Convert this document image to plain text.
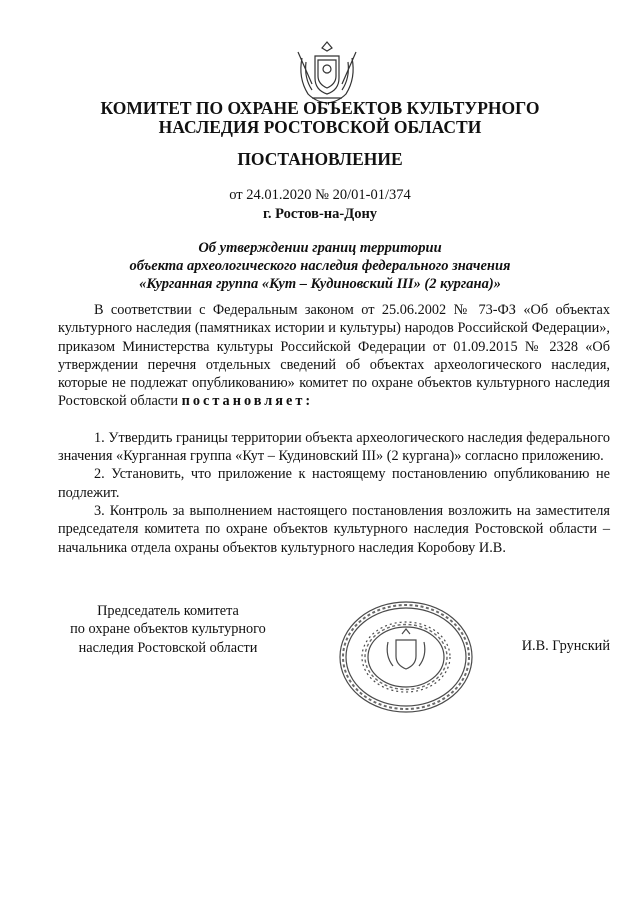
КОМИТЕТ ПО ОХРАНЕ ОБЪЕКТОВ КУЛЬТУРНОГО
НАСЛЕДИЯ РОСТОВСКОЙ ОБЛАСТИ
ПОСТАНОВЛЕНИЕ
от 24.01.2020 № 20/01-01/374
г. Ростов-на-Дону
Об утверждении границ территории
объекта археологического наследия федерального значения
«Курганная группа «Кут – Кудиновский III» (2 кургана)»

В соответствии с Федеральным законом от 25.06.2002 № 73-ФЗ «Об объектах культурного наследия (памятниках истории и культуры) народов Российской Федерации», приказом Министерства культуры Российской Федерации от 01.09.2015 № 2328 «Об утверждении перечня отдельных сведений об объектах археологического наследия, которые не подлежат опубликованию» комитет по охране объектов культурного наследия Ростовской области постановляет:

1. Утвердить границы территории объекта археологического наследия федерального значения «Курганная группа «Кут – Кудиновский III» (2 кургана)» согласно приложению.

2. Установить, что приложение к настоящему постановлению опубликованию не подлежит.

3. Контроль за выполнением настоящего постановления возложить на заместителя председателя комитета по охране объектов культурного наследия Ростовской области – начальника отдела охраны объектов культурного наследия Коробову И.В.

Председатель комитета
по охране объектов культурного
наследия Ростовской области	И.В. Грунский
